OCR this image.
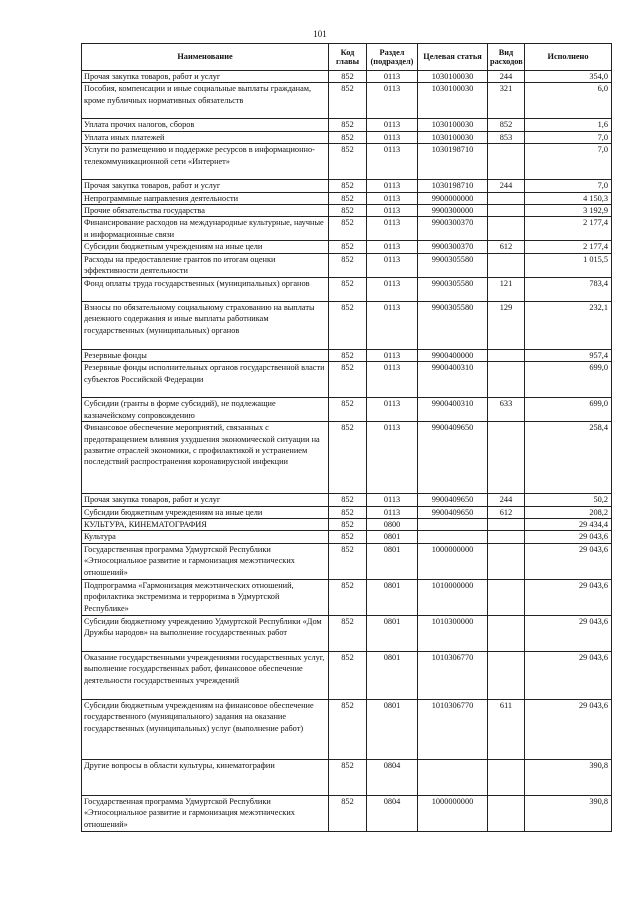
101
Наименование	Код главы	Раздел (подраздел)	Целевая статья	Вид расходов	Исполнено
Прочая закупка товаров, работ и услуг	852	0113	1030100030	244	354,0
Пособия, компенсации и иные социальные выплаты гражданам, кроме публичных нормативных обязательств	852	0113	1030100030	321	6,0
Уплата прочих налогов, сборов	852	0113	1030100030	852	1,6
Уплата иных платежей	852	0113	1030100030	853	7,0
Услуги по размещению и поддержке ресурсов в информационно-телекоммуникационной сети «Интернет»	852	0113	1030198710		7,0
Прочая закупка товаров, работ и услуг	852	0113	1030198710	244	7,0
Непрограммные направления деятельности	852	0113	9900000000		4 150,3
Прочие обязательства государства	852	0113	9900300000		3 192,9
Финансирование расходов на международные культурные, научные и информационные связи	852	0113	9900300370		2 177,4
Субсидии бюджетным учреждениям на иные цели	852	0113	9900300370	612	2 177,4
Расходы на предоставление грантов по итогам оценки эффективности деятельности	852	0113	9900305580		1 015,5
Фонд оплаты труда государственных (муниципальных) органов	852	0113	9900305580	121	783,4
Взносы по обязательному социальному страхованию на выплаты денежного содержания и иные выплаты работникам государственных (муниципальных) органов	852	0113	9900305580	129	232,1
Резервные фонды	852	0113	9900400000		957,4
Резервные фонды исполнительных органов государственной власти субъектов Российской Федерации	852	0113	9900400310		699,0
Субсидии (гранты в форме субсидий), не подлежащие казначейскому сопровождению	852	0113	9900400310	633	699,0
Финансовое обеспечение мероприятий, связанных с предотвращением влияния ухудшения экономической ситуации на развитие отраслей экономики, с профилактикой и устранением последствий распространения коронавирусной инфекции	852	0113	9900409650		258,4
Прочая закупка товаров, работ и услуг	852	0113	9900409650	244	50,2
Субсидии бюджетным учреждениям на иные цели	852	0113	9900409650	612	208,2
КУЛЬТУРА, КИНЕМАТОГРАФИЯ	852	0800			29 434,4
Культура	852	0801			29 043,6
Государственная программа Удмуртской Республики «Этносоциальное развитие и гармонизация межэтнических отношений»	852	0801	1000000000		29 043,6
Подпрограмма «Гармонизация межэтнических отношений, профилактика экстремизма и терроризма в Удмуртской Республике»	852	0801	1010000000		29 043,6
Субсидии бюджетному учреждению Удмуртской Республики «Дом Дружбы народов» на выполнение государственных работ	852	0801	1010300000		29 043,6
Оказание государственными учреждениями государственных услуг, выполнение государственных работ, финансовое обеспечение деятельности государственных учреждений	852	0801	1010306770		29 043,6
Субсидии бюджетным учреждениям на финансовое обеспечение государственного (муниципального) задания на оказание государственных (муниципальных) услуг (выполнение работ)	852	0801	1010306770	611	29 043,6
Другие вопросы в области культуры, кинематографии	852	0804			390,8
Государственная программа Удмуртской Республики «Этносоциальное развитие и гармонизация межэтнических отношений»	852	0804	1000000000		390,8
